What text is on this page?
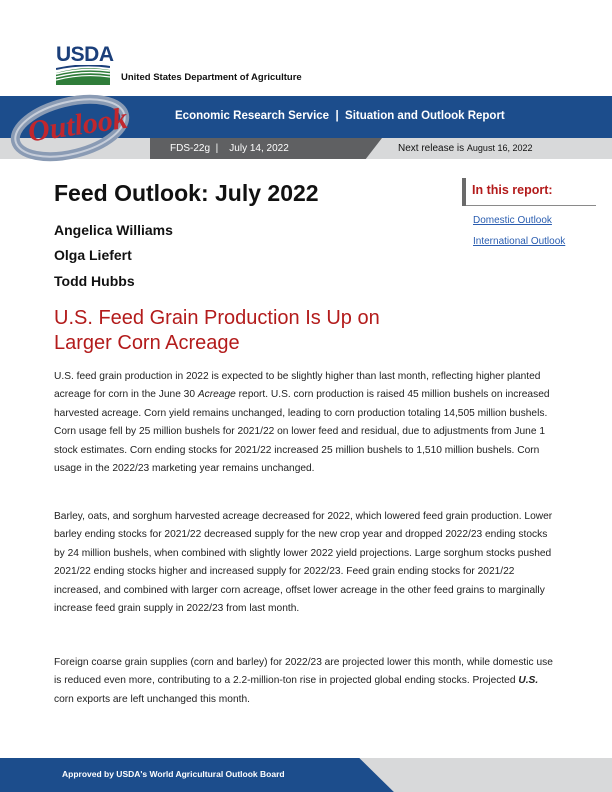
USDA
United States Department of Agriculture
Outlook	Economic Research Service  |  Situation and Outlook Report
FDS-22g  |    July 14, 2022	Next release is August 16, 2022
Feed Outlook: July 2022
Angelica Williams
Olga Liefert
Todd Hubbs
U.S. Feed Grain Production Is Up on
Larger Corn Acreage
U.S. feed grain production in 2022 is expected to be slightly higher than last month, reflecting higher planted acreage for corn in the June 30 Acreage report. U.S. corn production is raised 45 million bushels on increased harvested acreage. Corn yield remains unchanged, leading to corn production totaling 14,505 million bushels. Corn usage fell by 25 million bushels for 2021/22 on lower feed and residual, due to adjustments from June 1 stock estimates. Corn ending stocks for 2021/22 increased 25 million bushels to 1,510 million bushels. Corn usage in the 2022/23 marketing year remains unchanged.
Barley, oats, and sorghum harvested acreage decreased for 2022, which lowered feed grain production. Lower barley ending stocks for 2021/22 decreased supply for the new crop year and dropped 2022/23 ending stocks by 24 million bushels, when combined with slightly lower 2022 yield projections. Large sorghum stocks pushed 2021/22 ending stocks higher and increased supply for 2022/23. Feed grain ending stocks for 2021/22 increased, and combined with larger corn acreage, offset lower acreage in the other feed grains to marginally increase feed grain supply in 2022/23 from last month.
Foreign coarse grain supplies (corn and barley) for 2022/23 are projected lower this month, while domestic use is reduced even more, contributing to a 2.2-million-ton rise in projected global ending stocks. Projected U.S. corn exports are left unchanged this month.
In this report:
Domestic Outlook
International Outlook
Approved by USDA's World Agricultural Outlook Board
